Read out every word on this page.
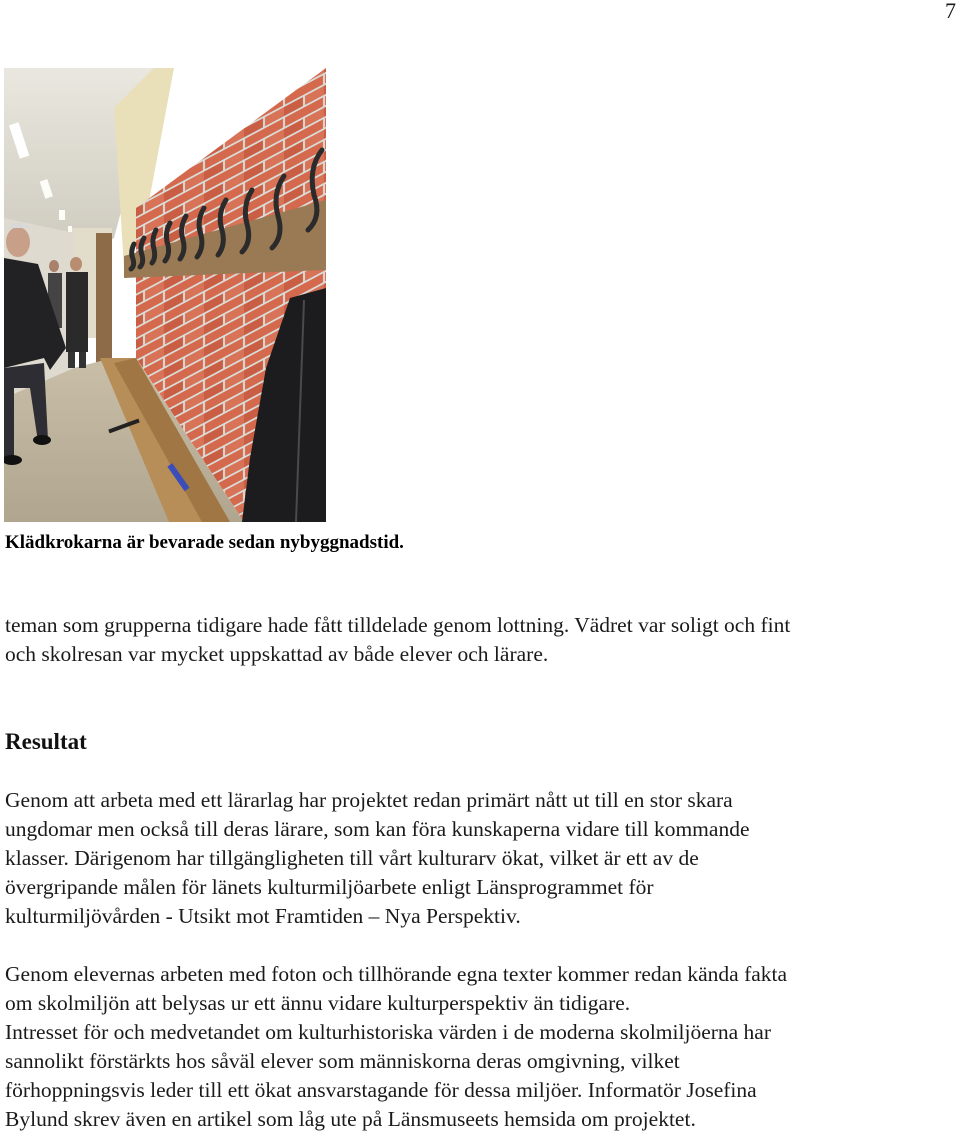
7
Klädkrokarna är bevarade sedan nybyggnadstid.

teman som grupperna tidigare hade fått tilldelade genom lottning. Vädret var soligt och fint
och skolresan var mycket uppskattad av både elever och lärare.

Resultat

Genom att arbeta med ett lärarlag har projektet redan primärt nått ut till en stor skara
ungdomar men också till deras lärare, som kan föra kunskaperna vidare till kommande
klasser. Därigenom har tillgängligheten till vårt kulturarv ökat, vilket är ett av de
övergripande målen för länets kulturmiljöarbete enligt Länsprogrammet för
kulturmiljövården - Utsikt mot Framtiden – Nya Perspektiv.

Genom elevernas arbeten med foton och tillhörande egna texter kommer redan kända fakta
om skolmiljön att belysas ur ett ännu vidare kulturperspektiv än tidigare.
Intresset för och medvetandet om kulturhistoriska värden i de moderna skolmiljöerna har
sannolikt förstärkts hos såväl elever som människorna deras omgivning, vilket
förhoppningsvis leder till ett ökat ansvarstagande för dessa miljöer. Informatör Josefina
Bylund skrev även en artikel som låg ute på Länsmuseets hemsida om projektet.
